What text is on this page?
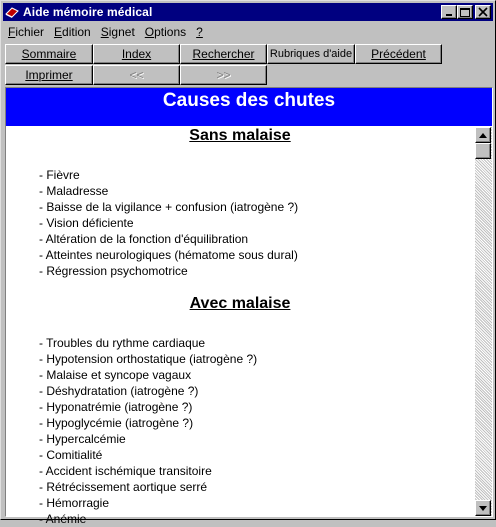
Aide mémoire médical
Fichier Edition Signet Options ?
Sommaire	Index	Rechercher Rubriques d'aide Précédent
Imprimer	<<	>>
Causes des chutes
Sans malaise
- Fièvre
- Maladresse
- Baisse de la vigilance + confusion (iatrogène ?)
- Vision déficiente
- Altération de la fonction d'équilibration
- Atteintes neurologiques (hématome sous dural)
- Régression psychomotrice
Avec malaise
- Troubles du rythme cardiaque
- Hypotension orthostatique (iatrogène ?)
- Malaise et syncope vagaux
- Déshydratation (iatrogène ?)
- Hyponatrémie (iatrogène ?)
- Hypoglycémie (iatrogène ?)
- Hypercalcémie
- Comitialité
- Accident ischémique transitoire
- Rétrécissement aortique serré
- Hémorragie
- Anémie
